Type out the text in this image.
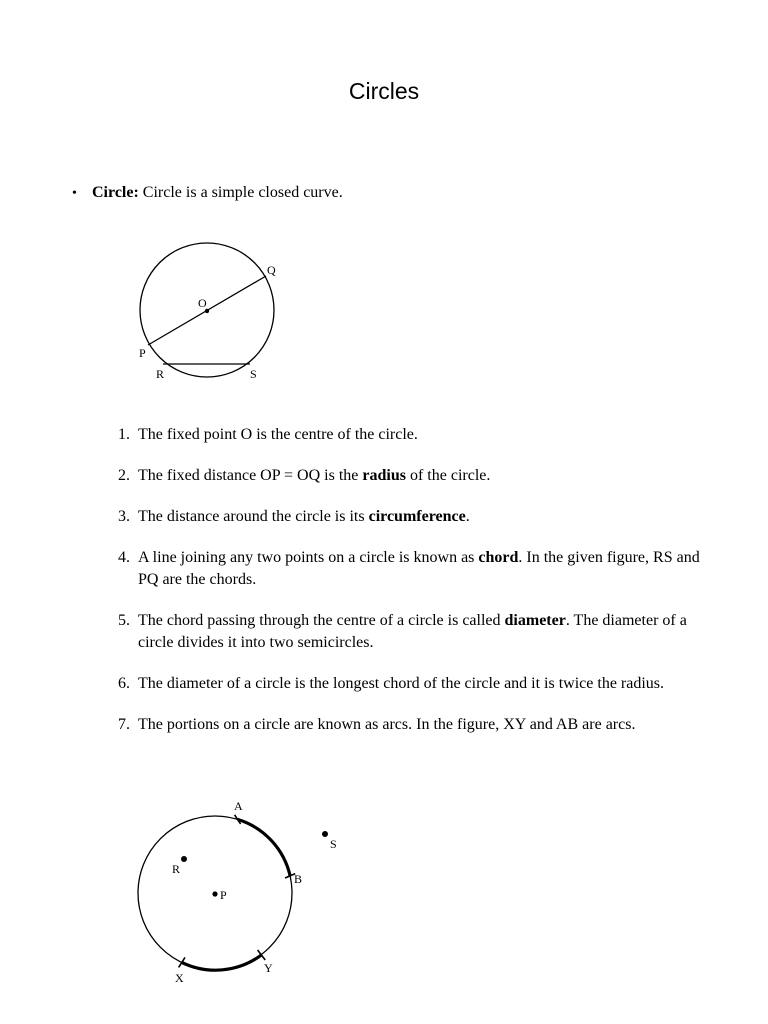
Circles
• Circle: Circle is a simple closed curve.
O
Q
P
R	S
1. The fixed point O is the centre of the circle.
2. The fixed distance OP = OQ is the radius of the circle.
3. The distance around the circle is its circumference.
4. A line joining any two points on a circle is known as chord. In the given figure, RS and PQ are the chords.
5. The chord passing through the centre of a circle is called diameter. The diameter of a circle divides it into two semicircles.
6. The diameter of a circle is the longest chord of the circle and it is twice the radius.
7. The portions on a circle are known as arcs. In the figure, XY and AB are arcs.
A
B
X
Y
P
R
S
